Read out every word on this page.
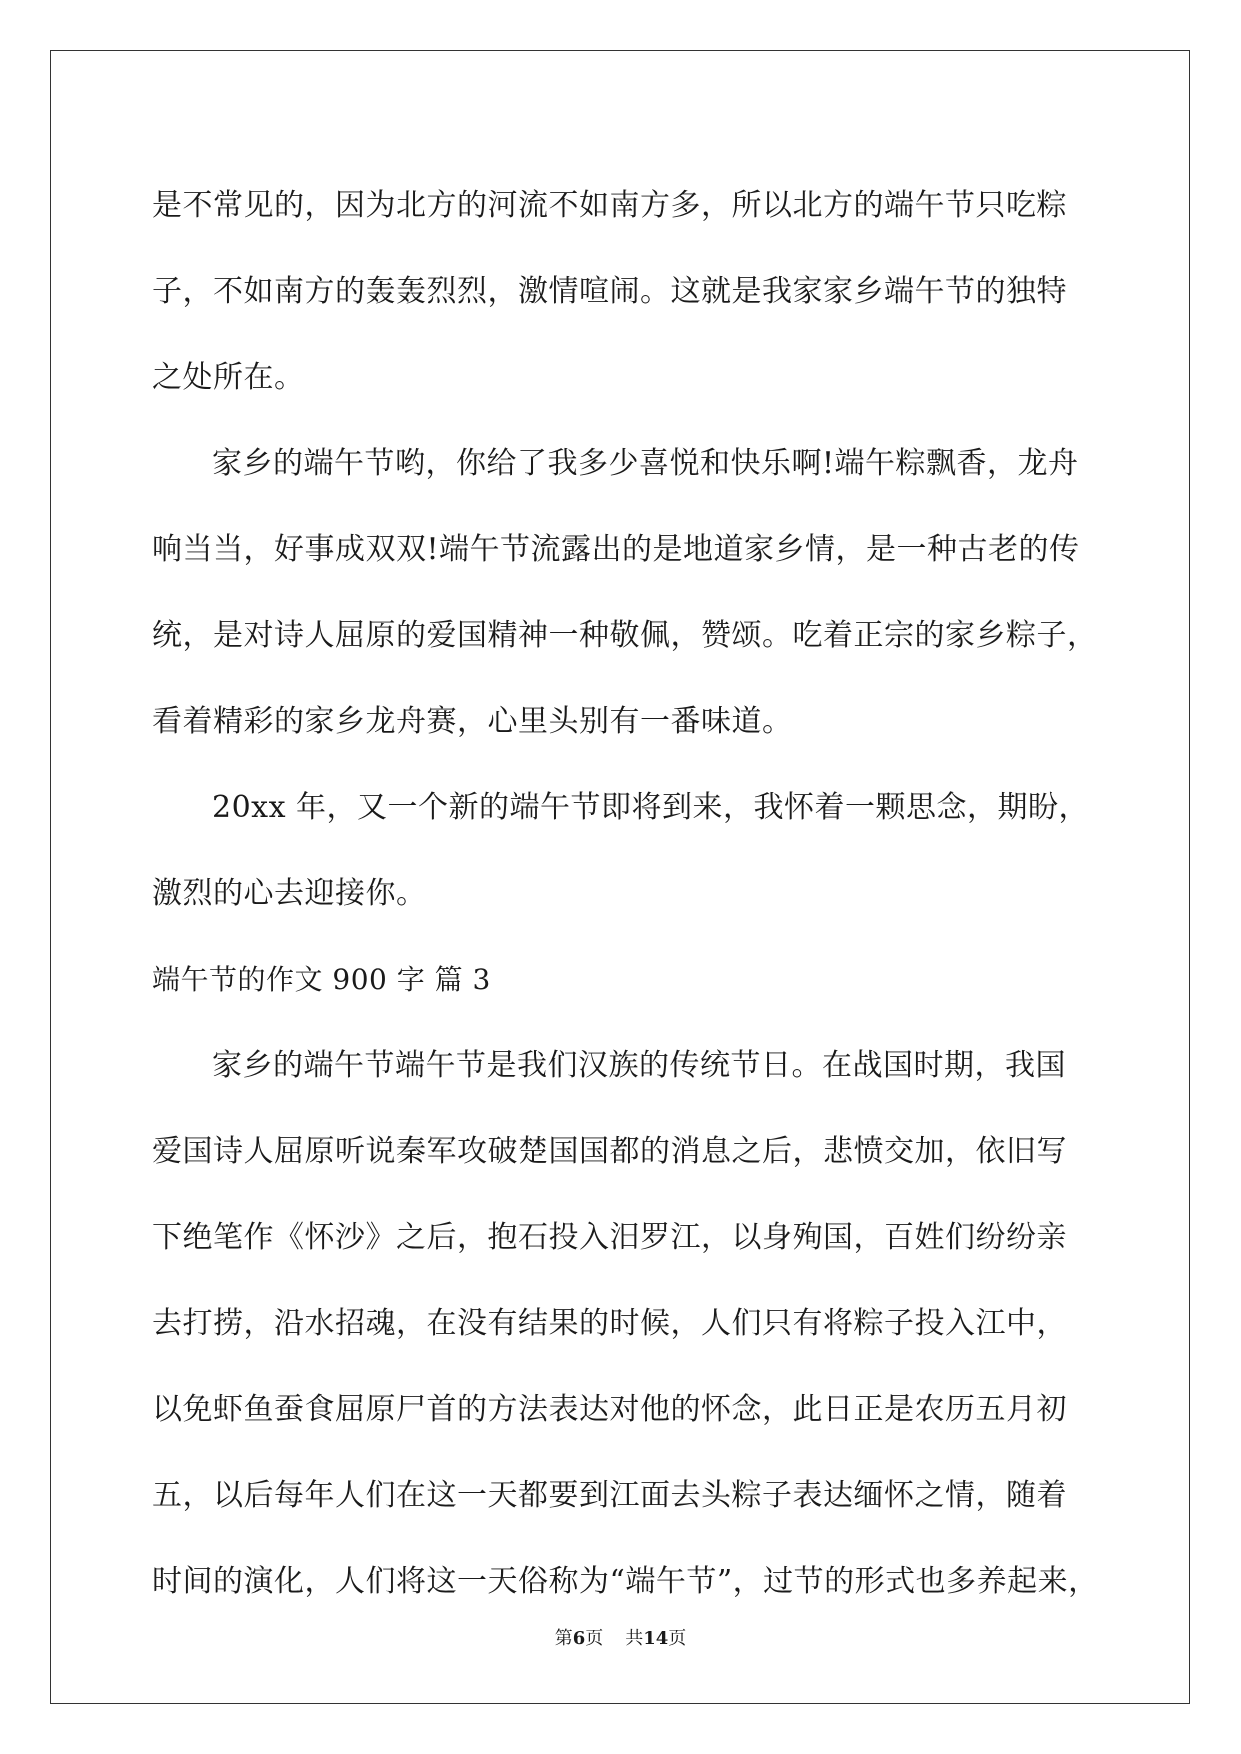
是不常见的，因为北方的河流不如南方多，所以北方的端午节只吃粽
子，不如南方的轰轰烈烈，激情喧闹。这就是我家家乡端午节的独特
之处所在。
家乡的端午节哟，你给了我多少喜悦和快乐啊!端午粽飘香，龙舟
响当当，好事成双双!端午节流露出的是地道家乡情，是一种古老的传
统，是对诗人屈原的爱国精神一种敬佩，赞颂。吃着正宗的家乡粽子，
看着精彩的家乡龙舟赛，心里头别有一番味道。
20xx 年，又一个新的端午节即将到来，我怀着一颗思念，期盼，
激烈的心去迎接你。
端午节的作文 900 字 篇 3
家乡的端午节端午节是我们汉族的传统节日。在战国时期，我国
爱国诗人屈原听说秦军攻破楚国国都的消息之后，悲愤交加，依旧写
下绝笔作《怀沙》之后，抱石投入汨罗江，以身殉国，百姓们纷纷亲
去打捞，沿水招魂，在没有结果的时候，人们只有将粽子投入江中，
以免虾鱼蚕食屈原尸首的方法表达对他的怀念，此日正是农历五月初
五，以后每年人们在这一天都要到江面去头粽子表达缅怀之情，随着
时间的演化，人们将这一天俗称为“端午节”，过节的形式也多养起来，
第6页 共14页
